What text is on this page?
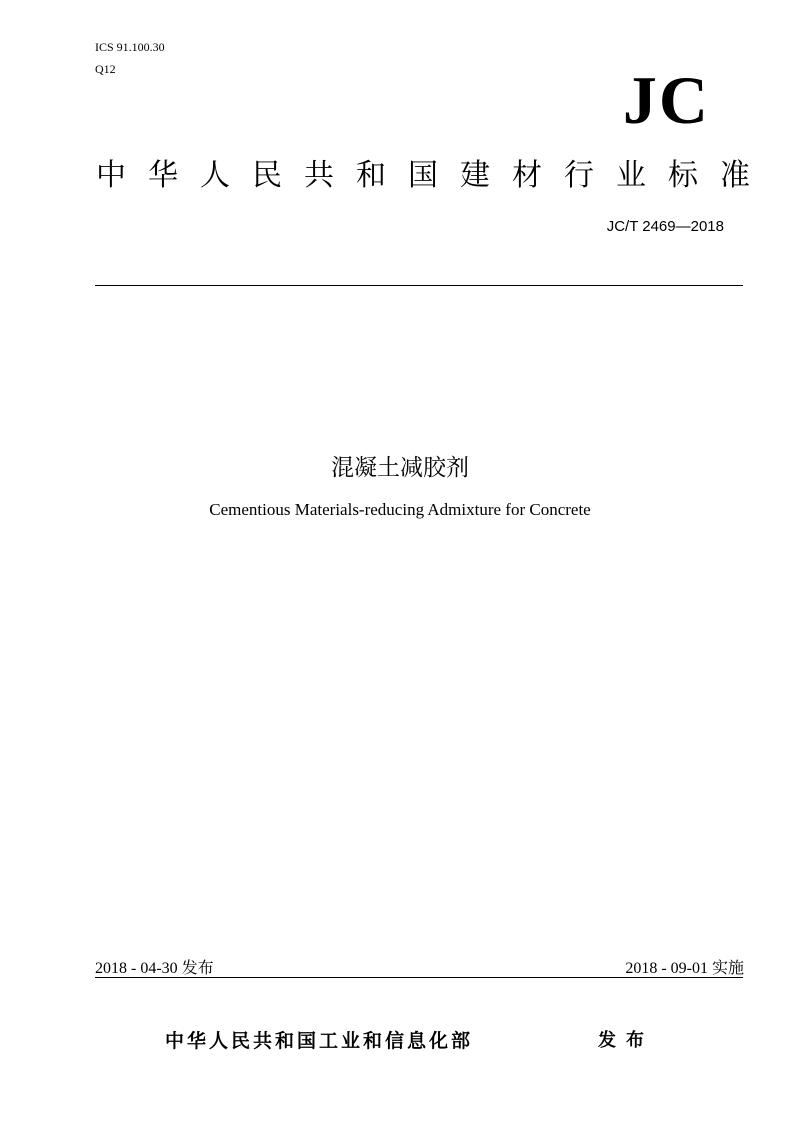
ICS 91.100.30
Q12	JC
中 华 人 民 共 和 国 建 材 行 业 标 准
JC/T 2469—2018
混凝土减胶剂
Cementious Materials-reducing Admixture for Concrete
2018 - 04-30 发布	2018 - 09-01 实施
中华人民共和国工业和信息化部	发布
